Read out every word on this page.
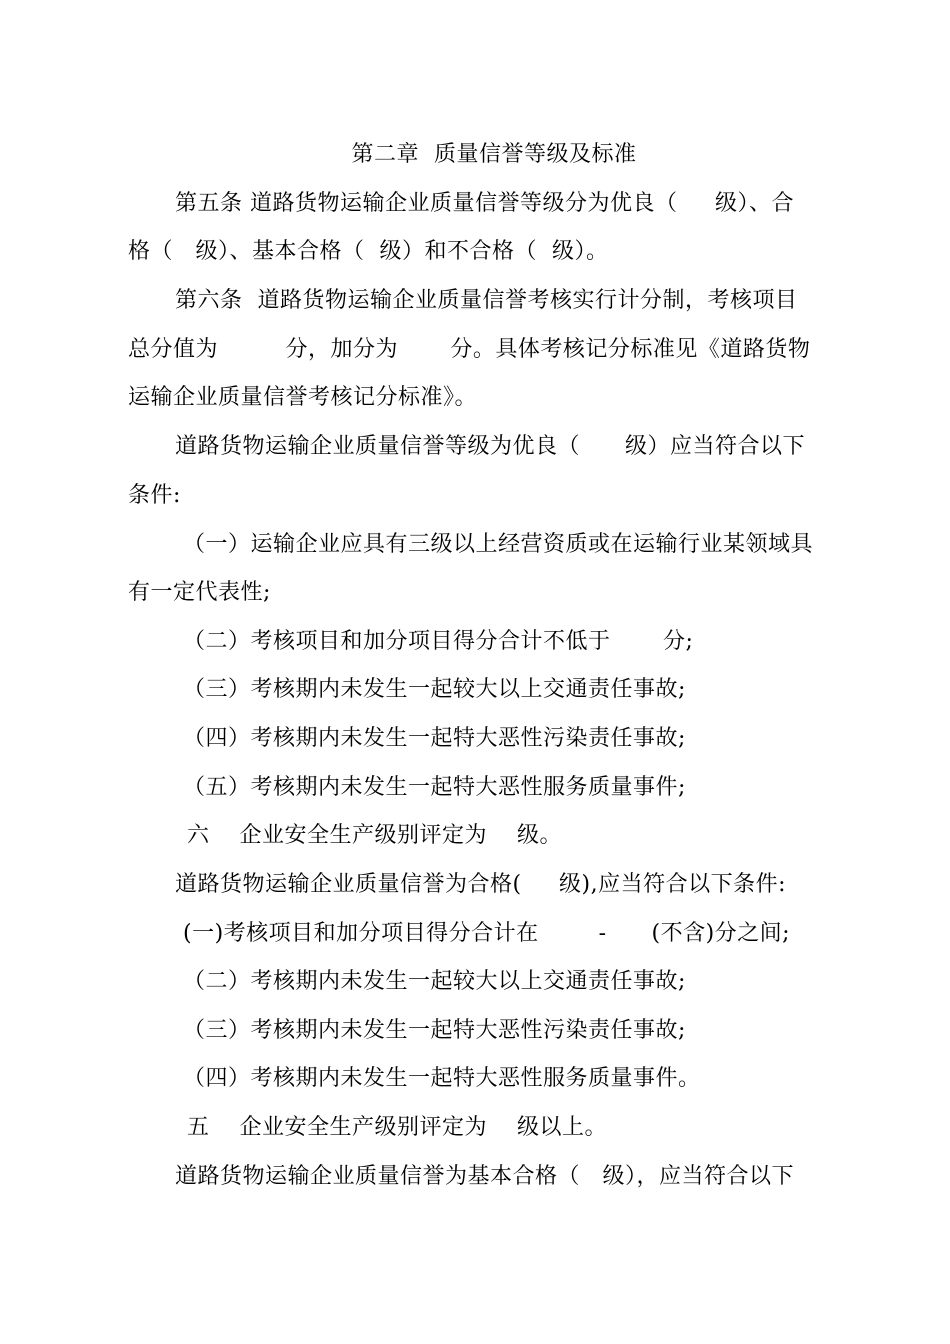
第二章  质量信誉等级及标准
第五条 道路货物运输企业质量信誉等级分为优良（     级）、合
格（   级）、基本合格（  级）和不合格（  级）。
第六条  道路货物运输企业质量信誉考核实行计分制，考核项目
总分值为         分，加分为       分。具体考核记分标准见《道路货物
运输企业质量信誉考核记分标准》。
道路货物运输企业质量信誉等级为优良（      级）应当符合以下
条件:
（一）运输企业应具有三级以上经营资质或在运输行业某领域具
有一定代表性;
（二）考核项目和加分项目得分合计不低于       分;
（三）考核期内未发生一起较大以上交通责任事故;
（四）考核期内未发生一起特大恶性污染责任事故;
（五）考核期内未发生一起特大恶性服务质量事件;
六    企业安全生产级别评定为    级。
道路货物运输企业质量信誉为合格(     级),应当符合以下条件:
(一)考核项目和加分项目得分合计在        -      (不含)分之间;
（二）考核期内未发生一起较大以上交通责任事故;
（三）考核期内未发生一起特大恶性污染责任事故;
（四）考核期内未发生一起特大恶性服务质量事件。
五    企业安全生产级别评定为    级以上。
道路货物运输企业质量信誉为基本合格（   级），应当符合以下
